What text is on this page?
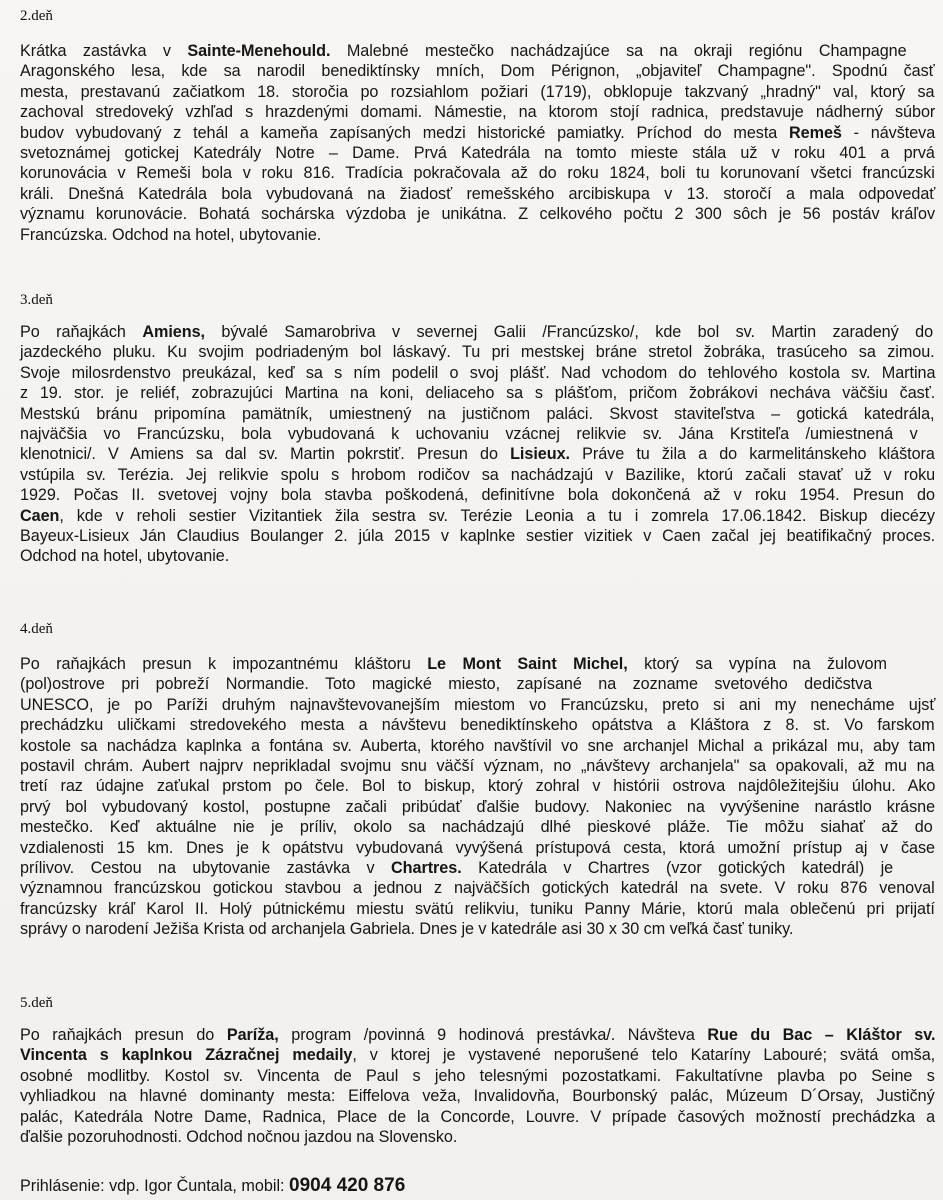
2.deň
Krátka zastávka v Sainte-Menehould. Malebné mestečko nachádzajúce sa na okraji regiónu Champagne
Aragonského lesa, kde sa narodil benediktínsky mních, Dom Pérignon, „objaviteľ Champagne". Spodnú časť
mesta, prestavanú začiatkom 18. storočia po rozsiahlom požiari (1719), obklopuje takzvaný „hradný" val, ktorý sa
zachoval stredoveký vzhľad s hrazdenými domami. Námestie, na ktorom stojí radnica, predstavuje nádherný súbor
budov vybudovaný z tehál a kameňa zapísaných medzi historické pamiatky. Príchod do mesta Remeš - návšteva
svetoznámej gotickej Katedrály Notre – Dame. Prvá Katedrála na tomto mieste stála už v roku 401 a prvá
korunovácia v Remeši bola v roku 816. Tradícia pokračovala až do roku 1824, boli tu korunovaní všetci francúzski
králi. Dnešná Katedrála bola vybudovaná na žiadosť remešského arcibiskupa v 13. storočí a mala odpovedať
významu korunovácie. Bohatá sochárska výzdoba je unikátna. Z celkového počtu 2 300 sôch je 56 postáv kráľov
Francúzska. Odchod na hotel, ubytovanie.
3.deň
Po raňajkách Amiens, bývalé Samarobriva v severnej Galii /Francúzsko/, kde bol sv. Martin zaradený do
jazdeckého pluku. Ku svojim podriadeným bol láskavý. Tu pri mestskej bráne stretol žobráka, trasúceho sa zimou.
Svoje milosrdenstvo preukázal, keď sa s ním podelil o svoj plášť. Nad vchodom do tehlového kostola sv. Martina
z 19. stor. je reliéf, zobrazujúci Martina na koni, deliaceho sa s plášťom, pričom žobrákovi necháva väčšiu časť.
Mestskú bránu pripomína pamätník, umiestnený na justičnom paláci. Skvost staviteľstva – gotická katedrála,
najväčšia vo Francúzsku, bola vybudovaná k uchovaniu vzácnej relikvie sv. Jána Krstiteľa /umiestnená v
klenotnici/. V Amiens sa dal sv. Martin pokrstiť. Presun do Lisieux. Práve tu žila a do karmelitánskeho kláštora
vstúpila sv. Terézia. Jej relikvie spolu s hrobom rodičov sa nachádzajú v Bazilike, ktorú začali stavať už v roku
1929. Počas II. svetovej vojny bola stavba poškodená, definitívne bola dokončená až v roku 1954. Presun do
Caen, kde v reholi sestier Vizitantiek žila sestra sv. Terézie Leonia a tu i zomrela 17.06.1842. Biskup diecézy
Bayeux-Lisieux Ján Claudius Boulanger 2. júla 2015 v kaplnke sestier vizitiek v Caen začal jej beatifikačný proces.
Odchod na hotel, ubytovanie.
4.deň
Po raňajkách presun k impozantnému kláštoru Le Mont Saint Michel, ktorý sa vypína na žulovom
(pol)ostrove pri pobreží Normandie. Toto magické miesto, zapísané na zozname svetového dedičstva
UNESCO, je po Paríži druhým najnavštevovanejším miestom vo Francúzsku, preto si ani my nenecháme ujsť
prechádzku uličkami stredovekého mesta a návštevu benediktínskeho opátstva a Kláštora z 8. st. Vo farskom
kostole sa nachádza kaplnka a fontána sv. Auberta, ktorého navštívil vo sne archanjel Michal a prikázal mu, aby tam
postavil chrám. Aubert najprv neprikladal svojmu snu väčší význam, no „návštevy archanjela" sa opakovali, až mu na
tretí raz údajne zaťukal prstom po čele. Bol to biskup, ktorý zohral v histórii ostrova najdôležitejšiu úlohu. Ako
prvý bol vybudovaný kostol, postupne začali pribúdať ďalšie budovy. Nakoniec na vyvýšenine narástlo krásne
mestečko. Keď aktuálne nie je príliv, okolo sa nachádzajú dlhé pieskové pláže. Tie môžu siahať až do
vzdialenosti 15 km. Dnes je k opátstvu vybudovaná vyvýšená prístupová cesta, ktorá umožní prístup aj v čase
prílivov. Cestou na ubytovanie zastávka v Chartres. Katedrála v Chartres (vzor gotických katedrál) je
významnou francúzskou gotickou stavbou a jednou z najväčších gotických katedrál na svete. V roku 876 venoval
francúzsky kráľ Karol II. Holý pútnickému miestu svätú relikviu, tuniku Panny Márie, ktorú mala oblečenú pri prijatí
správy o narodení Ježiša Krista od archanjela Gabriela. Dnes je v katedrále asi 30 x 30 cm veľká časť tuniky.
5.deň
Po raňajkách presun do Paríža, program /povinná 9 hodinová prestávka/. Návšteva Rue du Bac – Kláštor sv.
Vincenta s kaplnkou Zázračnej medaily, v ktorej je vystavené neporušené telo Kataríny Labouré; svätá omša,
osobné modlitby. Kostol sv. Vincenta de Paul s jeho telesnými pozostatkami. Fakultatívne plavba po Seine s
vyhliadkou na hlavné dominanty mesta: Eiffelova veža, Invalidovňa, Bourbonský palác, Múzeum D´Orsay, Justičný
palác, Katedrála Notre Dame, Radnica, Place de la Concorde, Louvre. V prípade časových možností prechádzka a
ďalšie pozoruhodnosti. Odchod nočnou jazdou na Slovensko.
Prihlásenie: vdp. Igor Čuntala, mobil: 0904 420 876
